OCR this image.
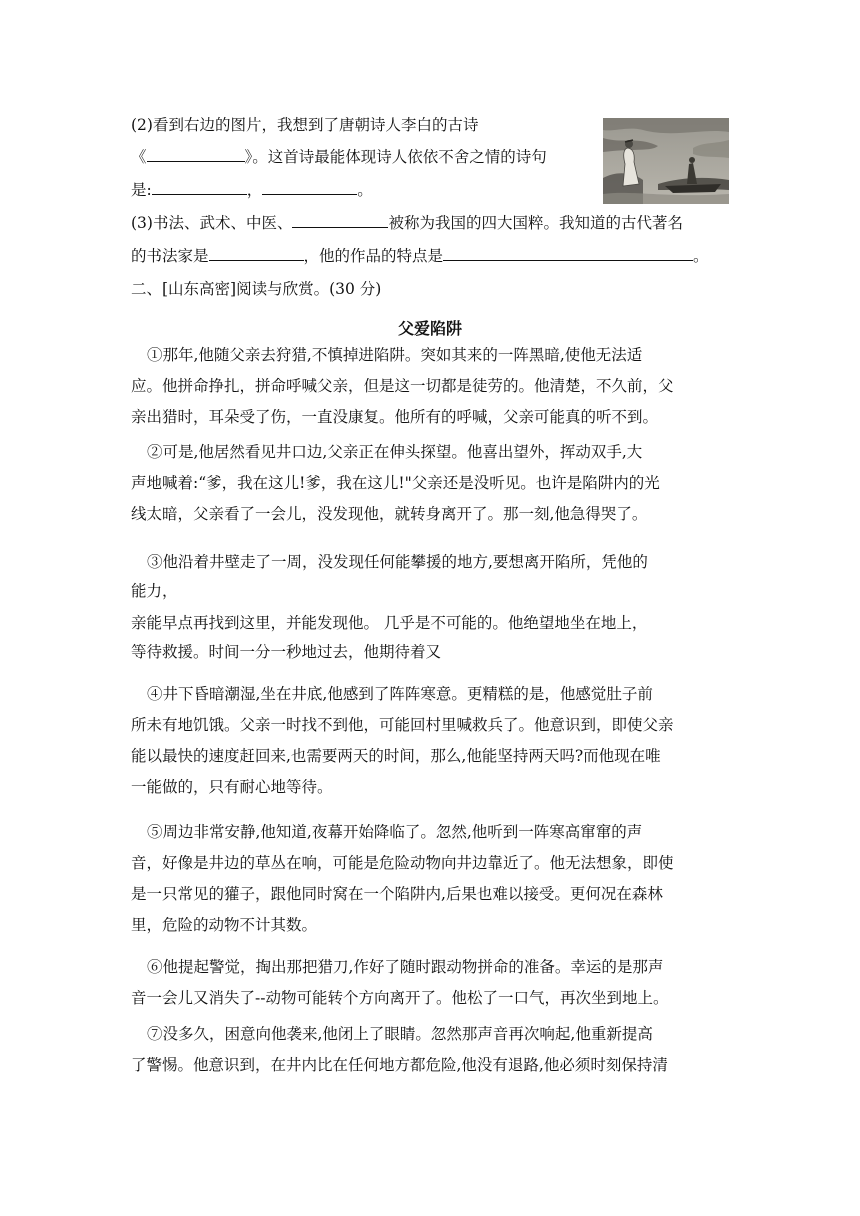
(2)看到右边的图片，我想到了唐朝诗人李白的古诗
《	》。这首诗最能体现诗人依依不舍之情的诗句
是:	，	。
(3)书法、武术、中医、	被称为我国的四大国粹。我知道的古代著名
的书法家是	，他的作品的特点是	。
二、[山东高密]阅读与欣赏。(30 分)
父爱陷阱
①那年,他随父亲去狩猎,不慎掉进陷阱。突如其来的一阵黑暗,使他无法适
应。他拼命挣扎，拼命呼喊父亲，但是这一切都是徒劳的。他清楚，不久前，父
亲出猎时，耳朵受了伤，一直没康复。他所有的呼喊，父亲可能真的听不到。
②可是,他居然看见井口边,父亲正在伸头探望。他喜出望外，挥动双手,大
声地喊着:“爹，我在这儿!爹，我在这儿!"父亲还是没听见。也许是陷阱内的光
线太暗，父亲看了一会儿，没发现他，就转身离开了。那一刻,他急得哭了。
③他沿着井壁走了一周，没发现任何能攀援的地方,要想离开陷所，凭他的
能力，
亲能早点再找到这里，并能发现他。 几乎是不可能的。他绝望地坐在地上，
等待救援。时间一分一秒地过去，他期待着又
④井下昏暗潮湿,坐在井底,他感到了阵阵寒意。更精糕的是，他感觉肚子前
所未有地饥饿。父亲一时找不到他，可能回村里喊救兵了。他意识到，即使父亲
能以最快的速度赶回来,也需要两天的时间，那么,他能坚持两天吗?而他现在唯
一能做的，只有耐心地等待。
⑤周边非常安静,他知道,夜幕开始降临了。忽然,他听到一阵寒高窜窜的声
音，好像是井边的草丛在响，可能是危险动物向井边靠近了。他无法想象，即使
是一只常见的獾子，跟他同时窝在一个陷阱内,后果也难以接受。更何况在森林
里，危险的动物不计其数。
⑥他提起警觉，掏出那把猎刀,作好了随时跟动物拼命的准备。幸运的是那声
音一会儿又消失了--动物可能转个方向离开了。他松了一口气，再次坐到地上。
⑦没多久，困意向他袭来,他闭上了眼睛。忽然那声音再次响起,他重新提高
了警惕。他意识到，在井内比在任何地方都危险,他没有退路,他必须时刻保持清
